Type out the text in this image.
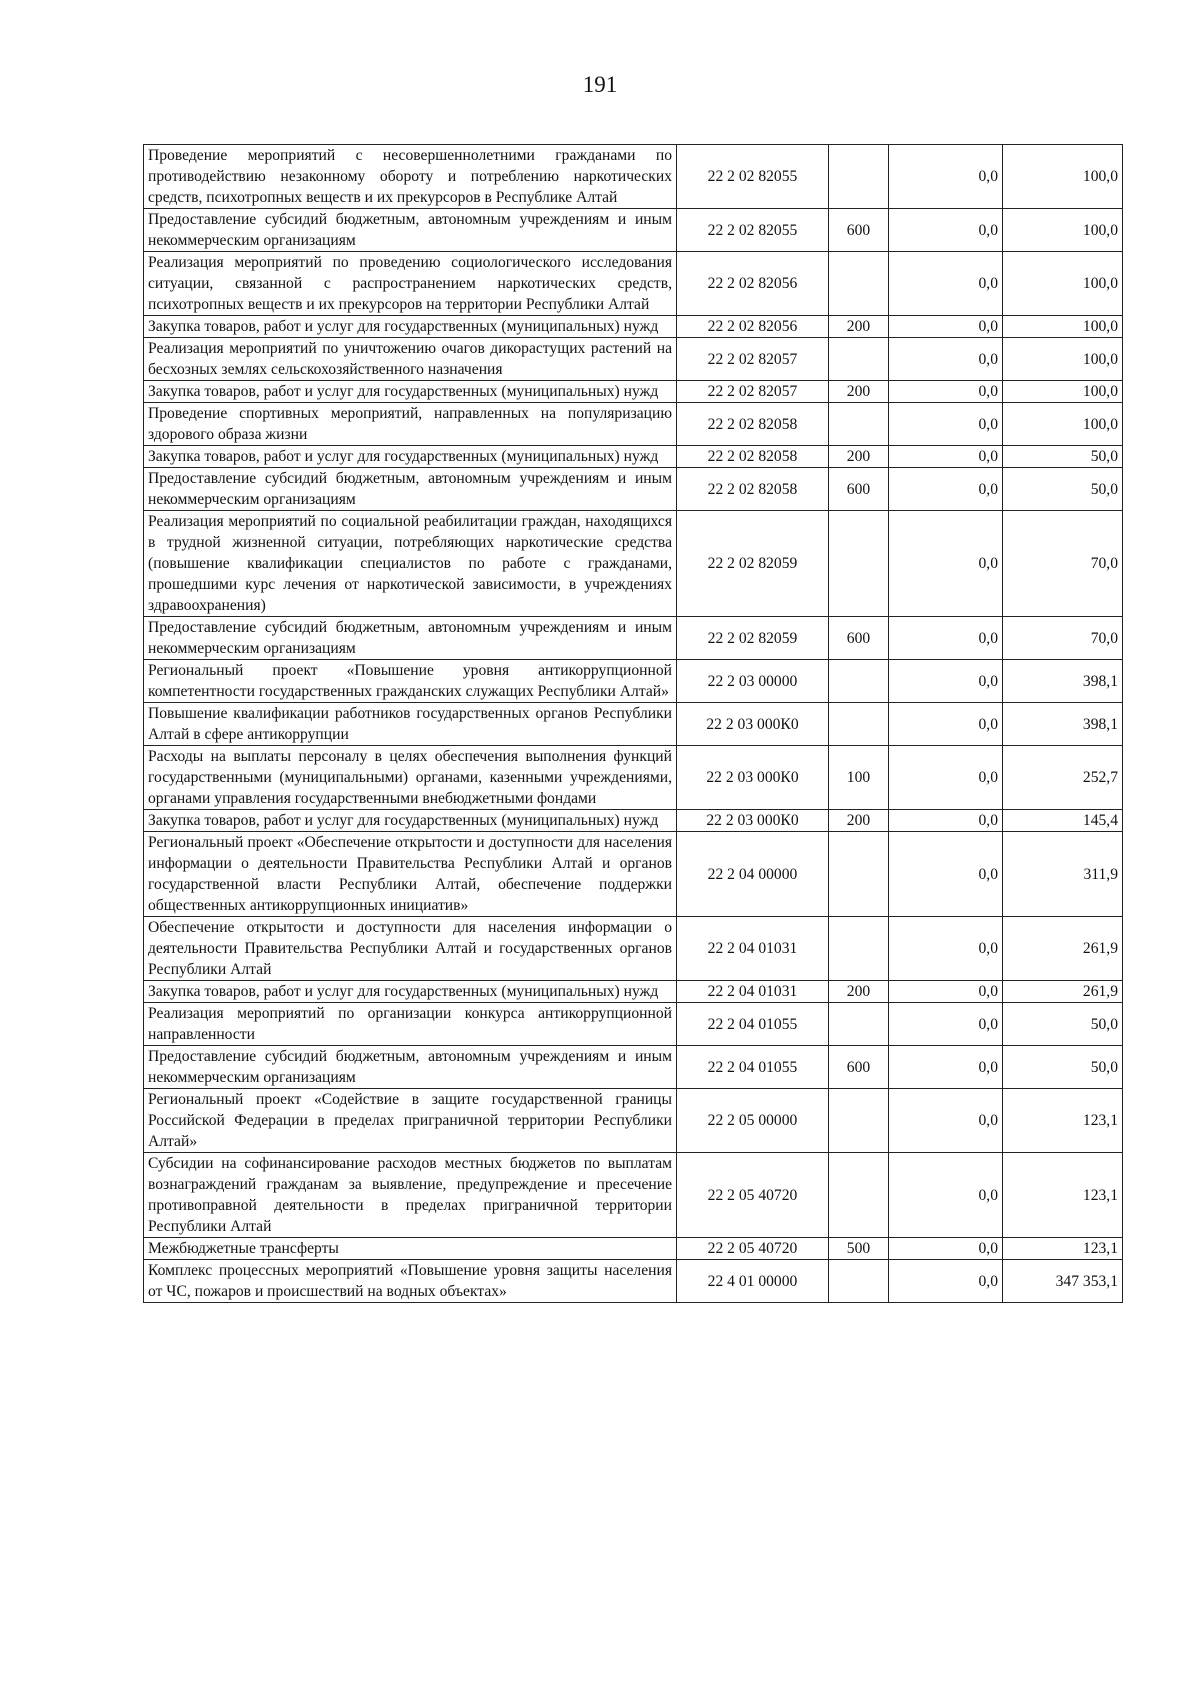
191
Проведение мероприятий с несовершеннолетними гражданами по противодействию незаконному обороту и потреблению наркотических средств, психотропных веществ и их прекурсоров в Республике Алтай	22 2 02 82055		0,0	100,0
Предоставление субсидий бюджетным, автономным учреждениям и иным некоммерческим организациям	22 2 02 82055	600	0,0	100,0
Реализация мероприятий по проведению социологического исследования ситуации, связанной с распространением наркотических средств, психотропных веществ и их прекурсоров на территории Республики Алтай	22 2 02 82056		0,0	100,0
Закупка товаров, работ и услуг для государственных (муниципальных) нужд	22 2 02 82056	200	0,0	100,0
Реализация мероприятий по уничтожению очагов дикорастущих растений на бесхозных землях сельскохозяйственного назначения	22 2 02 82057		0,0	100,0
Закупка товаров, работ и услуг для государственных (муниципальных) нужд	22 2 02 82057	200	0,0	100,0
Проведение спортивных мероприятий, направленных на популяризацию здорового образа жизни	22 2 02 82058		0,0	100,0
Закупка товаров, работ и услуг для государственных (муниципальных) нужд	22 2 02 82058	200	0,0	50,0
Предоставление субсидий бюджетным, автономным учреждениям и иным некоммерческим организациям	22 2 02 82058	600	0,0	50,0
Реализация мероприятий по социальной реабилитации граждан, находящихся в трудной жизненной ситуации, потребляющих наркотические средства (повышение квалификации специалистов по работе с гражданами, прошедшими курс лечения от наркотической зависимости, в учреждениях здравоохранения)	22 2 02 82059		0,0	70,0
Предоставление субсидий бюджетным, автономным учреждениям и иным некоммерческим организациям	22 2 02 82059	600	0,0	70,0
Региональный проект «Повышение уровня антикоррупционной компетентности государственных гражданских служащих Республики Алтай»	22 2 03 00000		0,0	398,1
Повышение квалификации работников государственных органов Республики Алтай в сфере антикоррупции	22 2 03 000К0		0,0	398,1
Расходы на выплаты персоналу в целях обеспечения выполнения функций государственными (муниципальными) органами, казенными учреждениями, органами управления государственными внебюджетными фондами	22 2 03 000К0	100	0,0	252,7
Закупка товаров, работ и услуг для государственных (муниципальных) нужд	22 2 03 000К0	200	0,0	145,4
Региональный проект «Обеспечение открытости и доступности для населения информации о деятельности Правительства Республики Алтай и органов государственной власти Республики Алтай, обеспечение поддержки общественных антикоррупционных инициатив»	22 2 04 00000		0,0	311,9
Обеспечение открытости и доступности для населения информации о деятельности Правительства Республики Алтай и государственных органов Республики Алтай	22 2 04 01031		0,0	261,9
Закупка товаров, работ и услуг для государственных (муниципальных) нужд	22 2 04 01031	200	0,0	261,9
Реализация мероприятий по организации конкурса антикоррупционной направленности	22 2 04 01055		0,0	50,0
Предоставление субсидий бюджетным, автономным учреждениям и иным некоммерческим организациям	22 2 04 01055	600	0,0	50,0
Региональный проект «Содействие в защите государственной границы Российской Федерации в пределах приграничной территории Республики Алтай»	22 2 05 00000		0,0	123,1
Субсидии на софинансирование расходов местных бюджетов по выплатам вознаграждений гражданам за выявление, предупреждение и пресечение противоправной деятельности в пределах приграничной территории Республики Алтай	22 2 05 40720		0,0	123,1
Межбюджетные трансферты	22 2 05 40720	500	0,0	123,1
Комплекс процессных мероприятий «Повышение уровня защиты населения от ЧС, пожаров и происшествий на водных объектах»	22 4 01 00000		0,0	347 353,1
